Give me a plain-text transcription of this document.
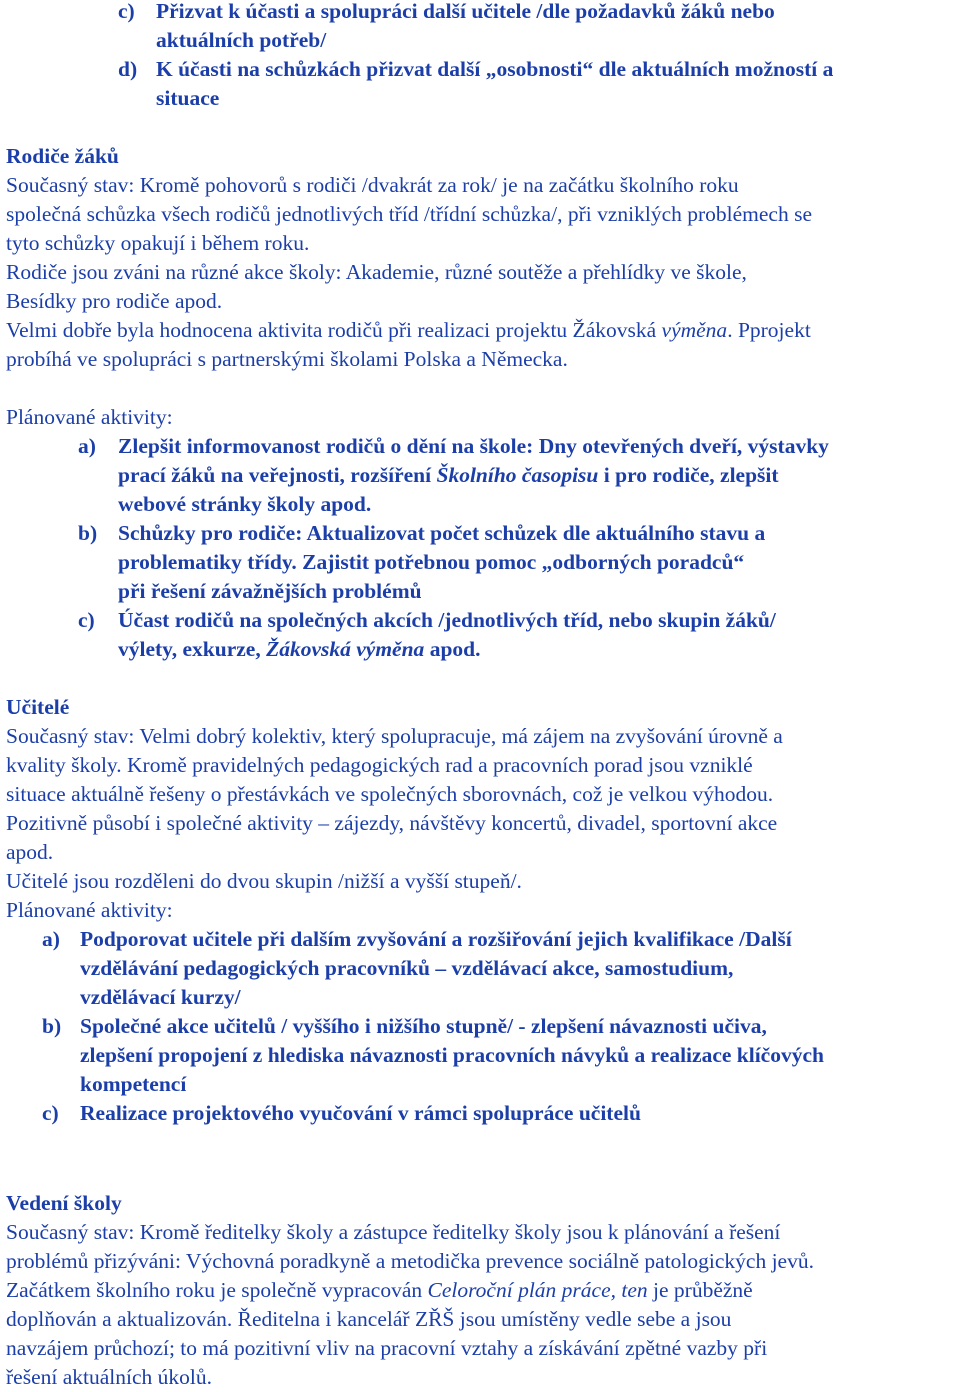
c) Přizvat k účasti a spolupráci další učitele /dle požadavků žáků nebo
aktuálních potřeb/
d) K účasti na schůzkách přizvat další „osobnosti“ dle aktuálních možností a
situace
Rodiče žáků
Současný stav: Kromě pohovorů s rodiči /dvakrát za rok/ je na začátku školního roku
společná schůzka všech rodičů jednotlivých tříd /třídní schůzka/, při vzniklých problémech se
tyto schůzky opakují i během roku.
Rodiče jsou zváni na různé akce školy: Akademie, různé soutěže a přehlídky ve škole,
Besídky pro rodiče apod.
Velmi dobře byla hodnocena aktivita rodičů při realizaci projektu Žákovská výměna. Pprojekt
probíhá ve spolupráci s partnerskými školami Polska a Německa.
Plánované aktivity:
a) Zlepšit informovanost rodičů o dění na škole: Dny otevřených dveří, výstavky
prací žáků na veřejnosti, rozšíření Školního časopisu i pro rodiče, zlepšit
webové stránky školy apod.
b) Schůzky pro rodiče: Aktualizovat počet schůzek dle aktuálního stavu a
problematiky třídy. Zajistit potřebnou pomoc „odborných poradců“
při řešení závažnějších problémů
c) Účast rodičů na společných akcích /jednotlivých tříd, nebo skupin žáků/
výlety, exkurze, Žákovská výměna apod.
Učitelé
Současný stav: Velmi dobrý kolektiv, který spolupracuje, má zájem na zvyšování úrovně a
kvality školy. Kromě pravidelných pedagogických rad a pracovních porad jsou vzniklé
situace aktuálně řešeny o přestávkách ve společných sborovnách, což je velkou výhodou.
Pozitivně působí i společné aktivity – zájezdy, návštěvy koncertů, divadel, sportovní akce
apod.
Učitelé jsou rozděleni do dvou skupin /nižší a vyšší stupeň/.
Plánované aktivity:
a) Podporovat učitele při dalším zvyšování a rozšiřování jejich kvalifikace /Další
vzdělávání pedagogických pracovníků – vzdělávací akce, samostudium,
vzdělávací kurzy/
b) Společné akce učitelů / vyššího i nižšího stupně/ - zlepšení návaznosti učiva,
zlepšení propojení z hlediska návaznosti pracovních návyků a realizace klíčových
kompetencí
c) Realizace projektového vyučování v rámci spolupráce učitelů
Vedení školy
Současný stav: Kromě ředitelky školy a zástupce ředitelky školy jsou k plánování a řešení
problémů přizýváni: Výchovná poradkyně a metodička prevence sociálně patologických jevů.
Začátkem školního roku je společně vypracován Celoroční plán práce, ten je průběžně
doplňován a aktualizován. Ředitelna i kancelář ZŘŠ jsou umístěny vedle sebe a jsou
navzájem průchozí; to má pozitivní vliv na pracovní vztahy a získávání zpětné vazby při
řešení aktuálních úkolů.
